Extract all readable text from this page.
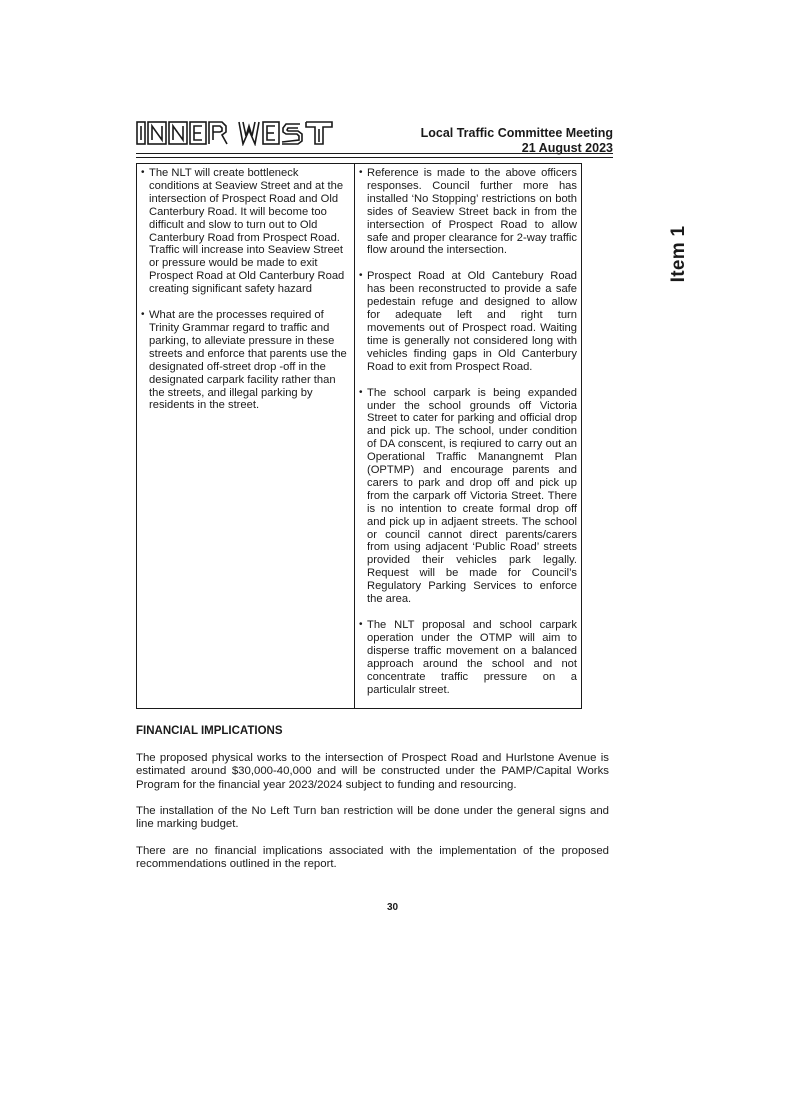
Local Traffic Committee Meeting
21 August 2023
Item 1
• The NLT will create bottleneck conditions at Seaview Street and at the intersection of Prospect Road and Old Canterbury Road. It will become too difficult and slow to turn out to Old Canterbury Road from Prospect Road. Traffic will increase into Seaview Street or pressure would be made to exit Prospect Road at Old Canterbury Road creating significant safety hazard
• What are the processes required of Trinity Grammar regard to traffic and parking, to alleviate pressure in these streets and enforce that parents use the designated off-street drop -off in the designated carpark facility rather than the streets, and illegal parking by residents in the street.
• Reference is made to the above officers responses. Council further more has installed ‘No Stopping’ restrictions on both sides of Seaview Street back in from the intersection of Prospect Road to allow safe and proper clearance for 2-way traffic flow around the intersection.
• Prospect Road at Old Cantebury Road has been reconstructed to provide a safe pedestain refuge and designed to allow for adequate left and right turn movements out of Prospect road. Waiting time is generally not considered long with vehicles finding gaps in Old Canterbury Road to exit from Prospect Road.
• The school carpark is being expanded under the school grounds off Victoria Street to cater for parking and official drop and pick up. The school, under condition of DA conscent, is reqiured to carry out an Operational Traffic Manangnemt Plan (OPTMP) and encourage parents and carers to park and drop off and pick up from the carpark off Victoria Street. There is no intention to create formal drop off and pick up in adjaent streets. The school or council cannot direct parents/carers from using adjacent ‘Public Road’ streets provided their vehicles park legally. Request will be made for Council’s Regulatory Parking Services to enforce the area.
• The NLT proposal and school carpark operation under the OTMP will aim to disperse traffic movement on a balanced approach around the school and not concentrate traffic pressure on a particulalr street.
FINANCIAL IMPLICATIONS
The proposed physical works to the intersection of Prospect Road and Hurlstone Avenue is estimated around $30,000-40,000 and will be constructed under the PAMP/Capital Works Program for the financial year 2023/2024 subject to funding and resourcing.
The installation of the No Left Turn ban restriction will be done under the general signs and line marking budget.
There are no financial implications associated with the implementation of the proposed recommendations outlined in the report.
30
